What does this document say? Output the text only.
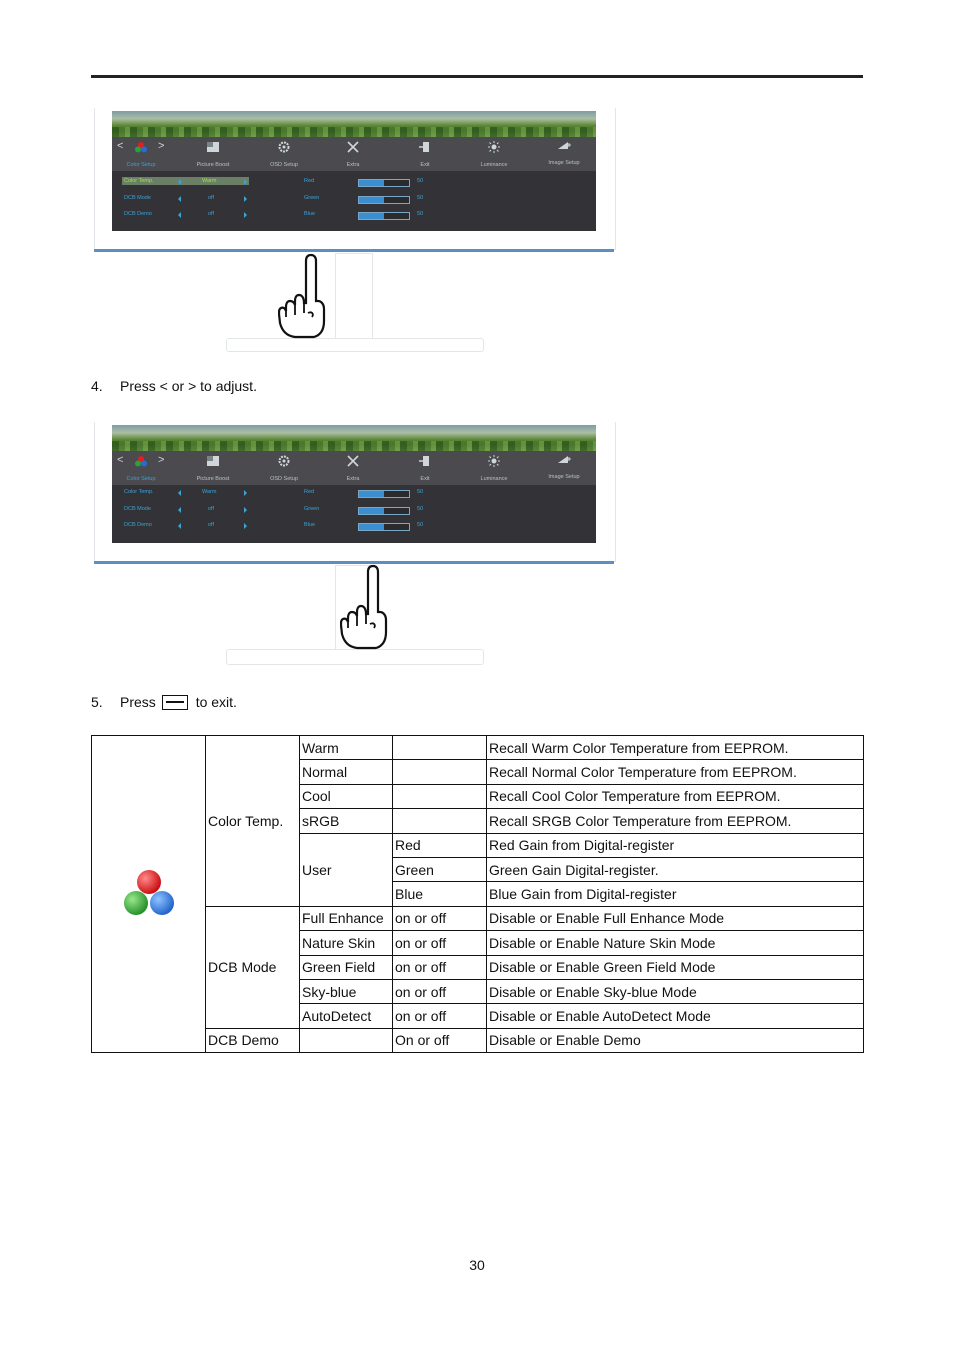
<	>
Color Setup	Picture Boost	OSD Setup	Extra	Exit	Luminance	Image Setup
Color Temp.	Warm
DCB Mode	off
DCB Demo	off
Red	50
Green	50
Blue	50
4. Press < or > to adjust.
<	>
Color Setup	Picture Boost	OSD Setup	Extra	Exit	Luminance	Image Setup
Color Temp.	Warm
DCB Mode	off
DCB Demo	off
Red	50
Green	50
Blue	50
5. Press	to exit.
	Color Temp.	Warm		Recall Warm Color Temperature from EEPROM.
		Normal		Recall Normal Color Temperature from EEPROM.
		Cool		Recall Cool Color Temperature from EEPROM.
		sRGB		Recall SRGB Color Temperature from EEPROM.
		User	Red	Red Gain from Digital-register
			Green	Green Gain Digital-register.
			Blue	Blue Gain from Digital-register
	DCB Mode	Full Enhance	on or off	Disable or Enable Full Enhance Mode
		Nature Skin	on or off	Disable or Enable Nature Skin Mode
		Green Field	on or off	Disable or Enable Green Field Mode
		Sky-blue	on or off	Disable or Enable Sky-blue Mode
		AutoDetect	on or off	Disable or Enable AutoDetect Mode
	DCB Demo		On or off	Disable or Enable Demo
30
